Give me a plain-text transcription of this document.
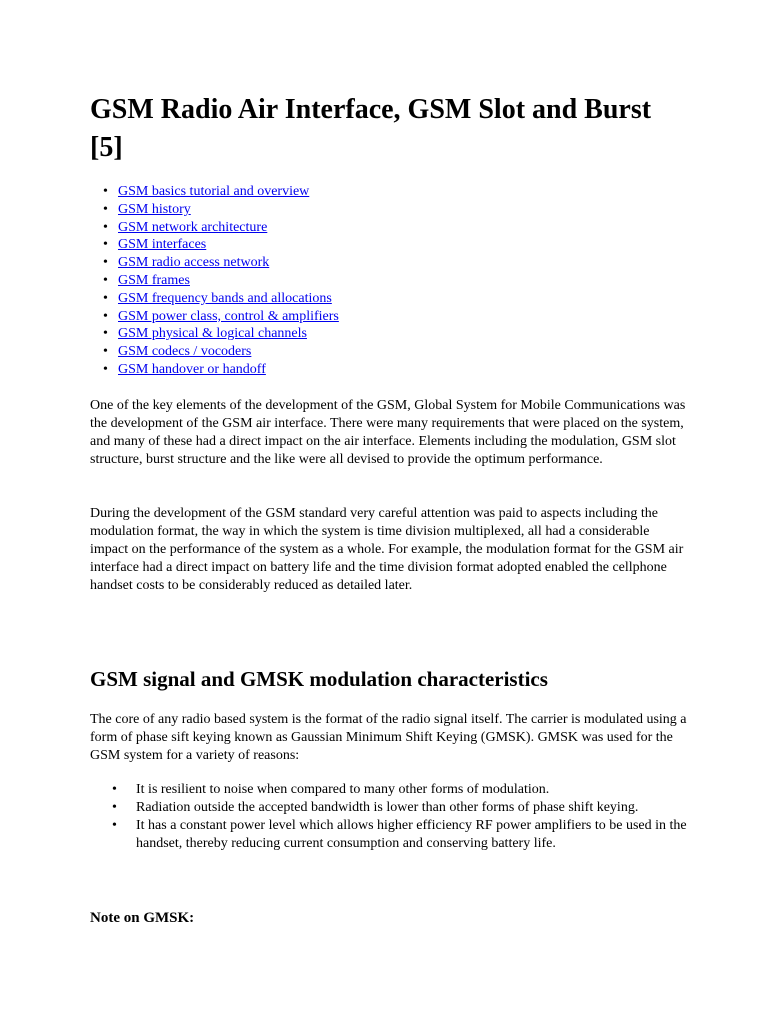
GSM Radio Air Interface, GSM Slot and Burst [5]
• GSM basics tutorial and overview
• GSM history
• GSM network architecture
• GSM interfaces
• GSM radio access network
• GSM frames
• GSM frequency bands and allocations
• GSM power class, control & amplifiers
• GSM physical & logical channels
• GSM codecs / vocoders
• GSM handover or handoff

One of the key elements of the development of the GSM, Global System for Mobile Communications was the development of the GSM air interface. There were many requirements that were placed on the system, and many of these had a direct impact on the air interface. Elements including the modulation, GSM slot structure, burst structure and the like were all devised to provide the optimum performance.

During the development of the GSM standard very careful attention was paid to aspects including the modulation format, the way in which the system is time division multiplexed, all had a considerable impact on the performance of the system as a whole. For example, the modulation format for the GSM air interface had a direct impact on battery life and the time division format adopted enabled the cellphone handset costs to be considerably reduced as detailed later.

GSM signal and GMSK modulation characteristics

The core of any radio based system is the format of the radio signal itself. The carrier is modulated using a form of phase sift keying known as Gaussian Minimum Shift Keying (GMSK). GMSK was used for the GSM system for a variety of reasons:

• It is resilient to noise when compared to many other forms of modulation.
• Radiation outside the accepted bandwidth is lower than other forms of phase shift keying.
• It has a constant power level which allows higher efficiency RF power amplifiers to be used in the handset, thereby reducing current consumption and conserving battery life.

Note on GMSK:
